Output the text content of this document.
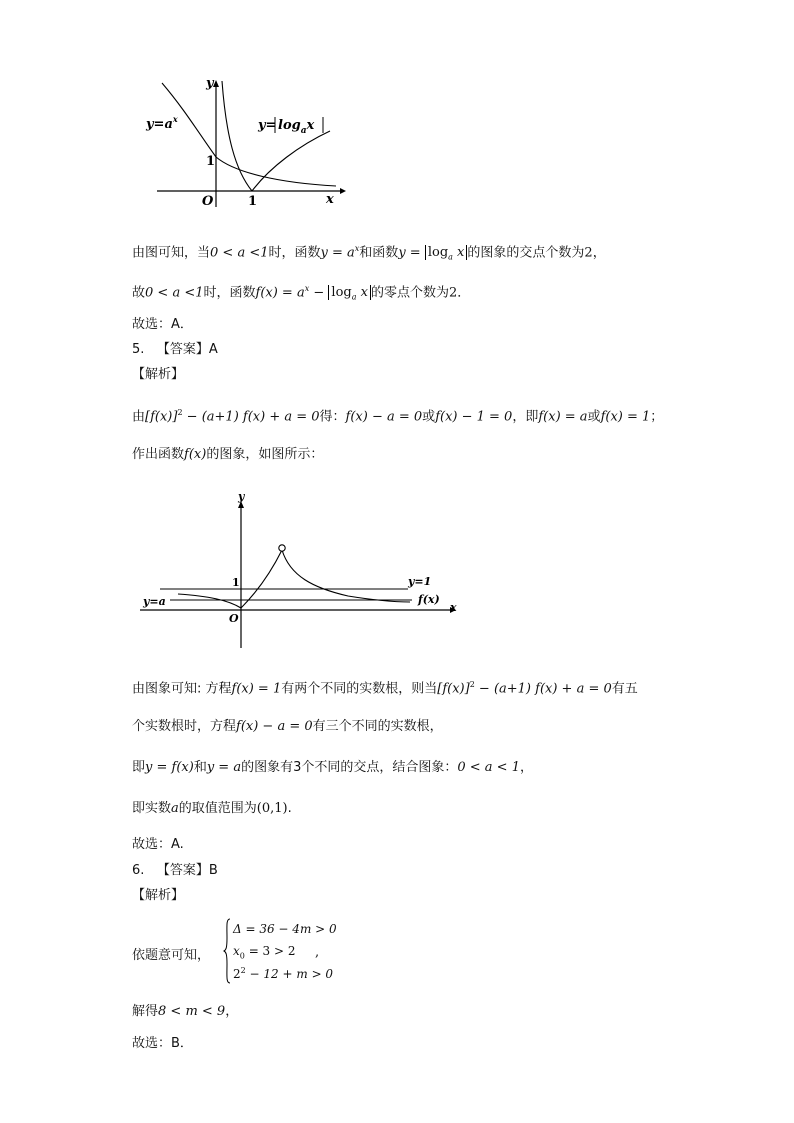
y
x
O
1
1
$y=a^x$	$y= \log_ax$
由图可知，当0 < a <1时，函数$y = a^x$和函数$y = \log_a x$ 的图象的交点个数为2，
故0 < a <1时，函数$f(x) = a^x - \log_a x$ 的零点个数为2．
故选：A．
5. 【答案】A
【解析】
由$[f(x)]^2 - (a+1) f(x) + a = 0$得：f(x) − a = 0或f(x) − 1 = 0，即f(x) = a或f(x) = 1；
作出函数f(x)的图象，如图所示：
y
x
O
1	y=1
y=a	f(x)
由图象可知: 方程f(x) = 1有两个不同的实数根，则当$[f(x)]^2 - (a+1) f(x) + a = 0$有五
个实数根时，方程f(x) − a = 0有三个不同的实数根，
即y = f(x)和y = a的图象有3个不同的交点，结合图象：0 < a < 1，
即实数a的取值范围为(0,1).
故选：A.
6. 【答案】B
【解析】
依题意可知，
Δ = 36 − 4m > 0
$x_0 = 3 > 2$
$2^2 - 12 + m > 0$
,
解得8 < m < 9，
故选：B．
